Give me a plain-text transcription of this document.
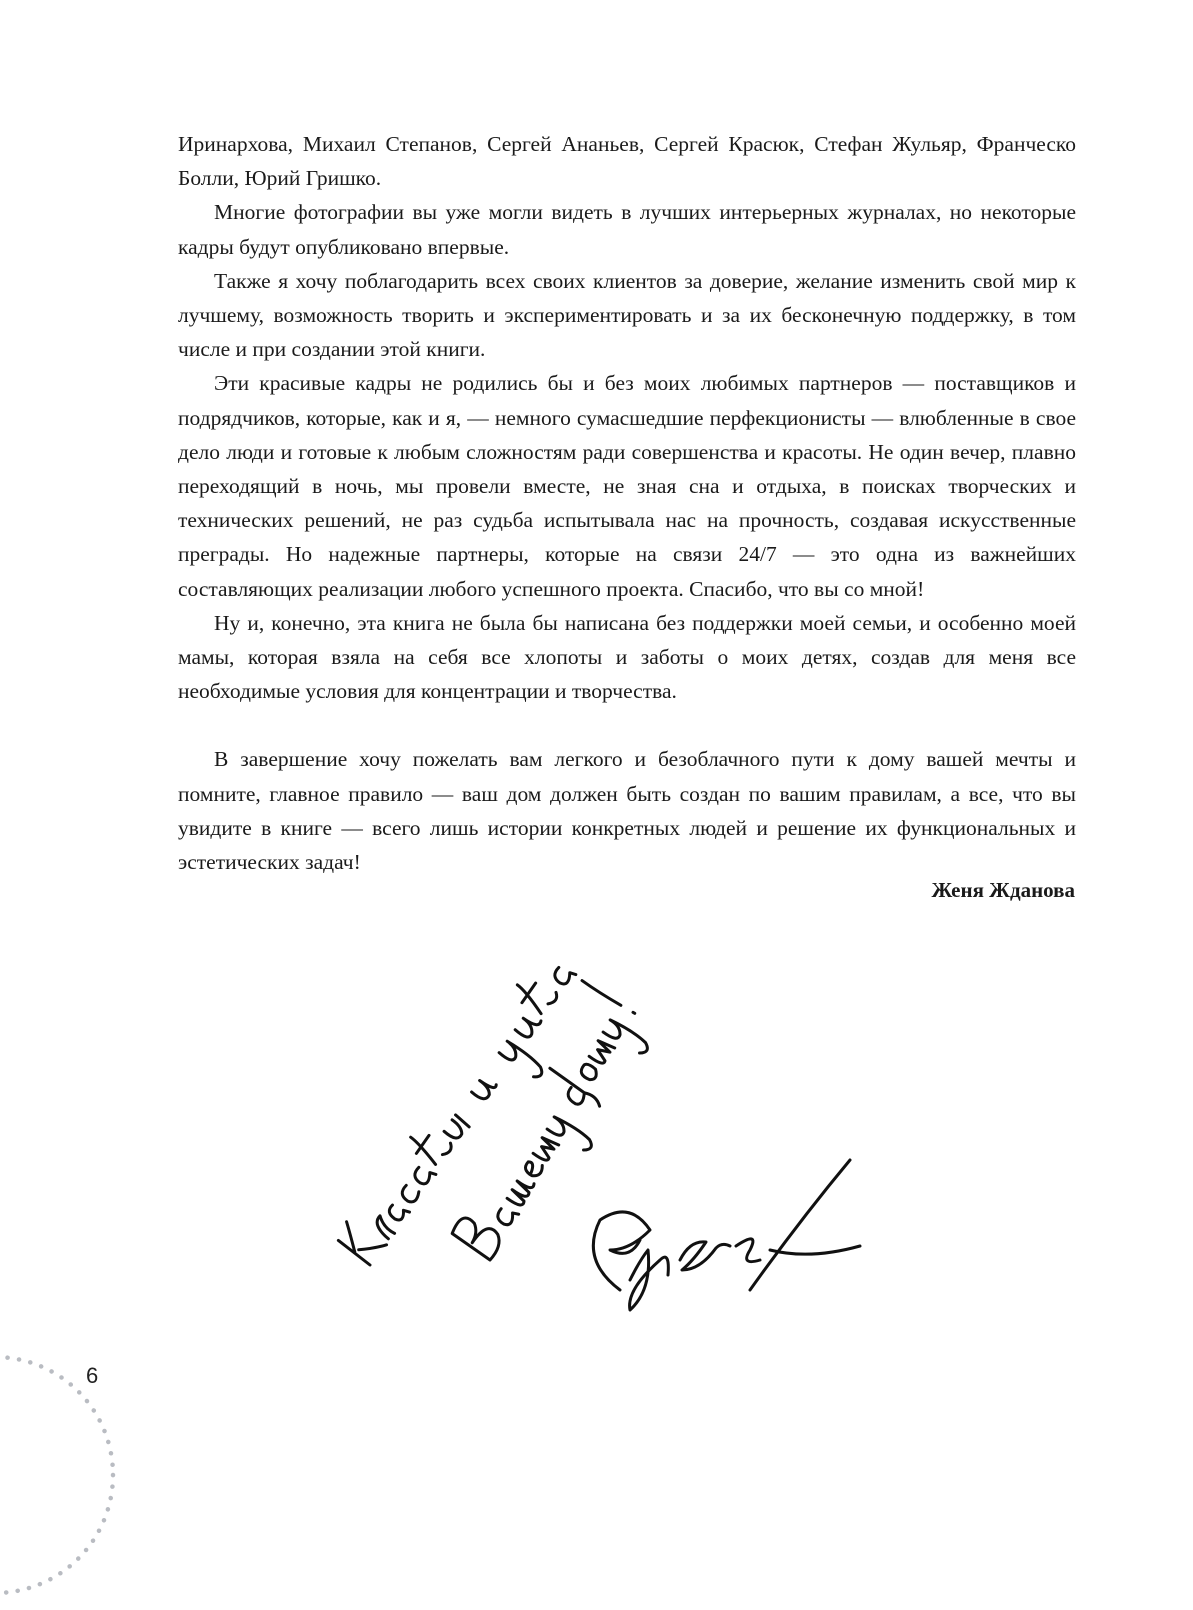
Иринархова, Михаил Степанов, Сергей Ананьев, Сергей Красюк, Стефан Жульяр, Франческо Болли, Юрий Гришко.

Многие фотографии вы уже могли видеть в лучших интерьерных журналах, но некоторые кадры будут опубликовано впервые.

Также я хочу поблагодарить всех своих клиентов за доверие, желание изменить свой мир к лучшему, возможность творить и экспериментировать и за их бесконечную поддержку, в том числе и при создании этой книги.

Эти красивые кадры не родились бы и без моих любимых партнеров — поставщиков и подрядчиков, которые, как и я, — немного сумасшедшие перфекционисты — влюбленные в свое дело люди и готовые к любым сложностям ради совершенства и красоты. Не один вечер, плавно переходящий в ночь, мы провели вместе, не зная сна и отдыха, в поисках творческих и технических решений, не раз судьба испытывала нас на прочность, создавая искусственные преграды. Но надежные партнеры, которые на связи 24/7 — это одна из важнейших составляющих реализации любого успешного проекта. Спасибо, что вы со мной!

Ну и, конечно, эта книга не была бы написана без поддержки моей семьи, и особенно моей мамы, которая взяла на себя все хлопоты и заботы о моих детях, создав для меня все необходимые условия для концентрации и творчества.

В завершение хочу пожелать вам легкого и безоблачного пути к дому вашей мечты и помните, главное правило — ваш дом должен быть создан по вашим правилам, а все, что вы увидите в книге — всего лишь истории конкретных людей и решение их функциональных и эстетических задач!

Женя Жданова
6
